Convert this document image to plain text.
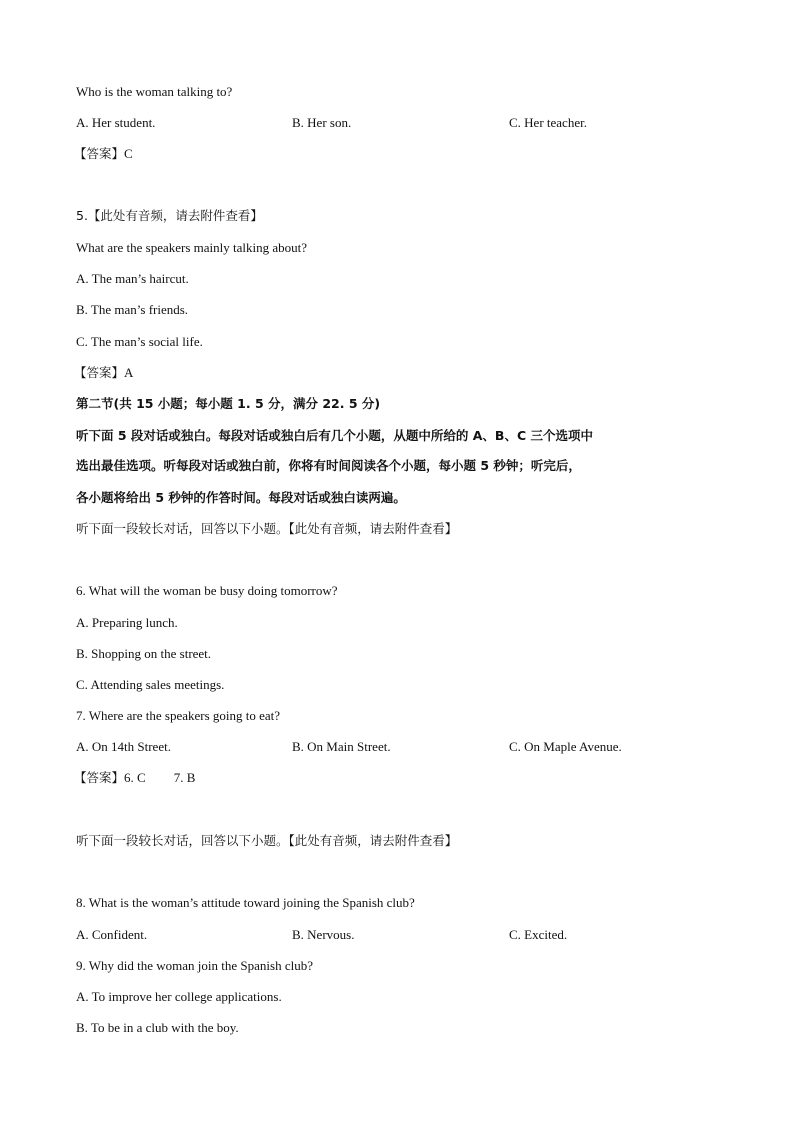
Who is the woman talking to?
A. Her student.	B. Her son.	C. Her teacher.
【答案】C
5.【此处有音频，请去附件查看】
What are the speakers mainly talking about?
A. The man’s haircut.
B. The man’s friends.
C. The man’s social life.
【答案】A
第二节(共 15 小题；每小题 1. 5 分，满分 22. 5 分)
听下面 5 段对话或独白。每段对话或独白后有几个小题，从题中所给的 A、B、C 三个选项中
选出最佳选项。听每段对话或独白前，你将有时间阅读各个小题，每小题 5 秒钟；听完后，
各小题将给出 5 秒钟的作答时间。每段对话或独白读两遍。
听下面一段较长对话，回答以下小题。【此处有音频，请去附件查看】
6. What will the woman be busy doing tomorrow?
A. Preparing lunch.
B. Shopping on the street.
C. Attending sales meetings.
7. Where are the speakers going to eat?
A. On 14th Street.	B. On Main Street.	C. On Maple Avenue.
【答案】6. C 7. B
听下面一段较长对话，回答以下小题。【此处有音频，请去附件查看】
8. What is the woman’s attitude toward joining the Spanish club?
A. Confident.	B. Nervous.	C. Excited.
9. Why did the woman join the Spanish club?
A. To improve her college applications.
B. To be in a club with the boy.
